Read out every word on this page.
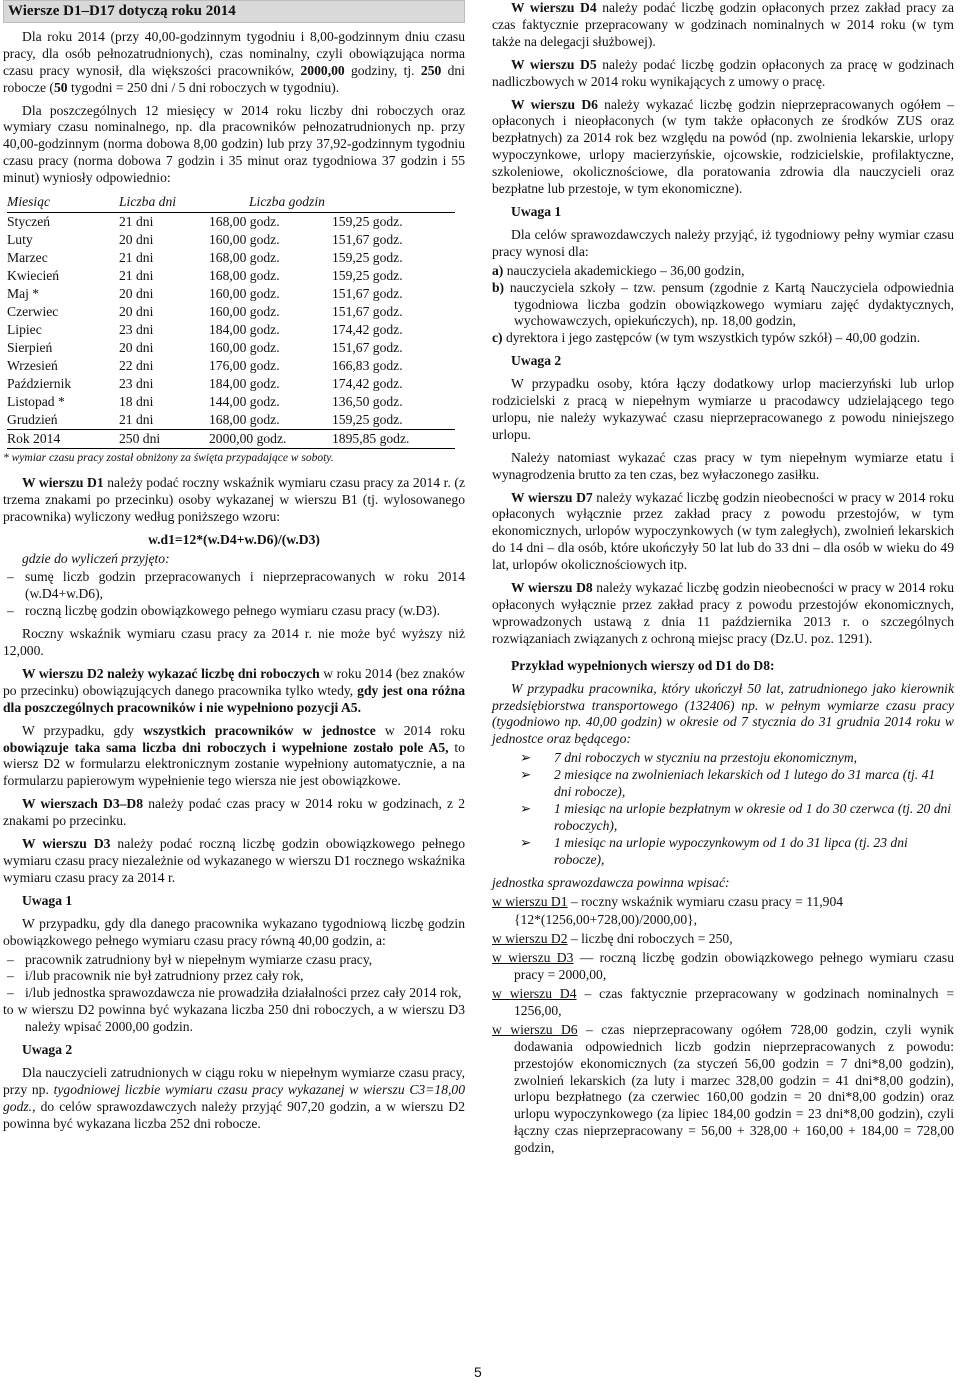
Wiersze D1–D17 dotyczą roku 2014

Dla roku 2014 (przy 40,00-godzinnym tygodniu i 8,00-godzinnym dniu czasu pracy, dla osób pełnozatrudnionych), czas nominalny, czyli obowiązująca norma czasu pracy wynosił, dla większości pracowników, 2000,00 godziny, tj. 250 dni robocze (50 tygodni = 250 dni / 5 dni roboczych w tygodniu).

Dla poszczególnych 12 miesięcy w 2014 roku liczby dni roboczych oraz wymiary czasu nominalnego, np. dla pracowników pełnozatrudnionych np. przy 40,00-godzinnym (norma dobowa 8,00 godzin) lub przy 37,92-godzinnym tygodniu czasu pracy (norma dobowa 7 godzin i 35 minut oraz tygodniowa 37 godzin i 55 minut) wyniosły odpowiednio:

Miesiąc	Liczba dni	Liczba godzin	
Styczeń	21 dni	168,00 godz.	159,25 godz.
Luty	20 dni	160,00 godz.	151,67 godz.
Marzec	21 dni	168,00 godz.	159,25 godz.
Kwiecień	21 dni	168,00 godz.	159,25 godz.
Maj *	20 dni	160,00 godz.	151,67 godz.
Czerwiec	20 dni	160,00 godz.	151,67 godz.
Lipiec	23 dni	184,00 godz.	174,42 godz.
Sierpień	20 dni	160,00 godz.	151,67 godz.
Wrzesień	22 dni	176,00 godz.	166,83 godz.
Październik	23 dni	184,00 godz.	174,42 godz.
Listopad *	18 dni	144,00 godz.	136,50 godz.
Grudzień	21 dni	168,00 godz.	159,25 godz.
Rok 2014	250 dni	2000,00 godz.	1895,85 godz.
* wymiar czasu pracy został obniżony za święta przypadające w soboty.

W wierszu D1 należy podać roczny wskaźnik wymiaru czasu pracy za 2014 r. (z trzema znakami po przecinku) osoby wykazanej w wierszu B1 (tj. wylosowanego pracownika) wyliczony według poniższego wzoru:

w.d1=12*(w.D4+w.D6)/(w.D3)

gdzie do wyliczeń przyjęto:

– sumę liczb godzin przepracowanych i nieprzepracowanych w roku 2014 (w.D4+w.D6),
– roczną liczbę godzin obowiązkowego pełnego wymiaru czasu pracy (w.D3).

Roczny wskaźnik wymiaru czasu pracy za 2014 r. nie może być wyższy niż 12,000.

W wierszu D2 należy wykazać liczbę dni roboczych w roku 2014 (bez znaków po przecinku) obowiązujących danego pracownika tylko wtedy, gdy jest ona różna dla poszczególnych pracowników i nie wypełniono pozycji A5.

W przypadku, gdy wszystkich pracowników w jednostce w 2014 roku obowiązuje taka sama liczba dni roboczych i wypełnione zostało pole A5, to wiersz D2 w formularzu elektronicznym zostanie wypełniony automatycznie, a na formularzu papierowym wypełnienie tego wiersza nie jest obowiązkowe.

W wierszach D3–D8 należy podać czas pracy w 2014 roku w godzinach, z 2 znakami po przecinku.

W wierszu D3 należy podać roczną liczbę godzin obowiązkowego pełnego wymiaru czasu pracy niezależnie od wykazanego w wierszu D1 rocznego wskaźnika wymiaru czasu pracy za 2014 r.

Uwaga 1

W przypadku, gdy dla danego pracownika wykazano tygodniową liczbę godzin obowiązkowego pełnego wymiaru czasu pracy równą 40,00 godzin, a:

– pracownik zatrudniony był w niepełnym wymiarze czasu pracy,
– i/lub pracownik nie był zatrudniony przez cały rok,
– i/lub jednostka sprawozdawcza nie prowadziła działalności przez cały 2014 rok,

to w wierszu D2 powinna być wykazana liczba 250 dni roboczych, a w wierszu D3 należy wpisać 2000,00 godzin.

Uwaga 2

Dla nauczycieli zatrudnionych w ciągu roku w niepełnym wymiarze czasu pracy, przy np. tygodniowej liczbie wymiaru czasu pracy wykazanej w wierszu C3=18,00 godz., do celów sprawozdawczych należy przyjąć 907,20 godzin, a w wierszu D2 powinna być wykazana liczba 252 dni robocze.

W wierszu D4 należy podać liczbę godzin opłaconych przez zakład pracy za czas faktycznie przepracowany w godzinach nominalnych w 2014 roku (w tym także na delegacji służbowej).

W wierszu D5 należy podać liczbę godzin opłaconych za pracę w godzinach nadliczbowych w 2014 roku wynikających z umowy o pracę.

W wierszu D6 należy wykazać liczbę godzin nieprzepracowanych ogółem – opłaconych i nieopłaconych (w tym także opłaconych ze środków ZUS oraz bezpłatnych) za 2014 rok bez względu na powód (np. zwolnienia lekarskie, urlopy wypoczynkowe, urlopy macierzyńskie, ojcowskie, rodzicielskie, profilaktyczne, szkoleniowe, okolicznościowe, dla poratowania zdrowia dla nauczycieli oraz bezpłatne lub przestoje, w tym ekonomiczne).

Uwaga 1

Dla celów sprawozdawczych należy przyjąć, iż tygodniowy pełny wymiar czasu pracy wynosi dla:

a) nauczyciela akademickiego – 36,00 godzin,
b) nauczyciela szkoły – tzw. pensum (zgodnie z Kartą Nauczyciela odpowiednia tygodniowa liczba godzin obowiązkowego wymiaru zajęć dydaktycznych, wychowawczych, opiekuńczych), np. 18,00 godzin,
c) dyrektora i jego zastępców (w tym wszystkich typów szkół) – 40,00 godzin.
Uwaga 2

W przypadku osoby, która łączy dodatkowy urlop macierzyński lub urlop rodzicielski z pracą w niepełnym wymiarze u pracodawcy udzielającego tego urlopu, nie należy wykazywać czasu nieprzepracowanego z powodu niniejszego urlopu.

Należy natomiast wykazać czas pracy w tym niepełnym wymiarze etatu i wynagrodzenia brutto za ten czas, bez wyłaczonego zasiłku.

W wierszu D7 należy wykazać liczbę godzin nieobecności w pracy w 2014 roku opłaconych wyłącznie przez zakład pracy z powodu przestojów, w tym ekonomicznych, urlopów wypoczynkowych (w tym zaległych), zwolnień lekarskich do 14 dni – dla osób, które ukończyły 50 lat lub do 33 dni – dla osób w wieku do 49 lat, urlopów okolicznościowych itp.

W wierszu D8 należy wykazać liczbę godzin nieobecności w pracy w 2014 roku opłaconych wyłącznie przez zakład pracy z powodu przestojów ekonomicznych, wprowadzonych ustawą z dnia 11 października 2013 r. o szczególnych rozwiązaniach związanych z ochroną miejsc pracy (Dz.U. poz. 1291).

Przykład wypełnionych wierszy od D1 do D8:

W przypadku pracownika, który ukończył 50 lat, zatrudnionego jako kierownik przedsiębiorstwa transportowego (132406) np. w pełnym wymiarze czasu pracy (tygodniowo np. 40,00 godzin) w okresie od 7 stycznia do 31 grudnia 2014 roku w jednostce oraz będącego:

➢ 7 dni roboczych w styczniu na przestoju ekonomicznym,
➢ 2 miesiące na zwolnieniach lekarskich od 1 lutego do 31 marca (tj. 41 dni robocze),
➢ 1 miesiąc na urlopie bezpłatnym w okresie od 1 do 30 czerwca (tj. 20 dni roboczych),
➢ 1 miesiąc na urlopie wypoczynkowym od 1 do 31 lipca (tj. 23 dni robocze),

jednostka sprawozdawcza powinna wpisać:

w wierszu D1 – roczny wskaźnik wymiaru czasu pracy = 11,904

{12*(1256,00+728,00)/2000,00},

w wierszu D2 – liczbę dni roboczych = 250,

w wierszu D3 — roczną liczbę godzin obowiązkowego pełnego wymiaru czasu pracy = 2000,00,

w wierszu D4 – czas faktycznie przepracowany w godzinach nominalnych = 1256,00,

w wierszu D6 – czas nieprzepracowany ogółem 728,00 godzin, czyli wynik dodawania odpowiednich liczb godzin nieprzepracowanych z powodu: przestojów ekonomicznych (za styczeń 56,00 godzin = 7 dni*8,00 godzin), zwolnień lekarskich (za luty i marzec 328,00 godzin = 41 dni*8,00 godzin), urlopu bezpłatnego (za czerwiec 160,00 godzin = 20 dni*8,00 godzin) oraz urlopu wypoczynkowego (za lipiec 184,00 godzin = 23 dni*8,00 godzin), czyli łączny czas nieprzepracowany = 56,00 + 328,00 + 160,00 + 184,00 = 728,00 godzin,

5
